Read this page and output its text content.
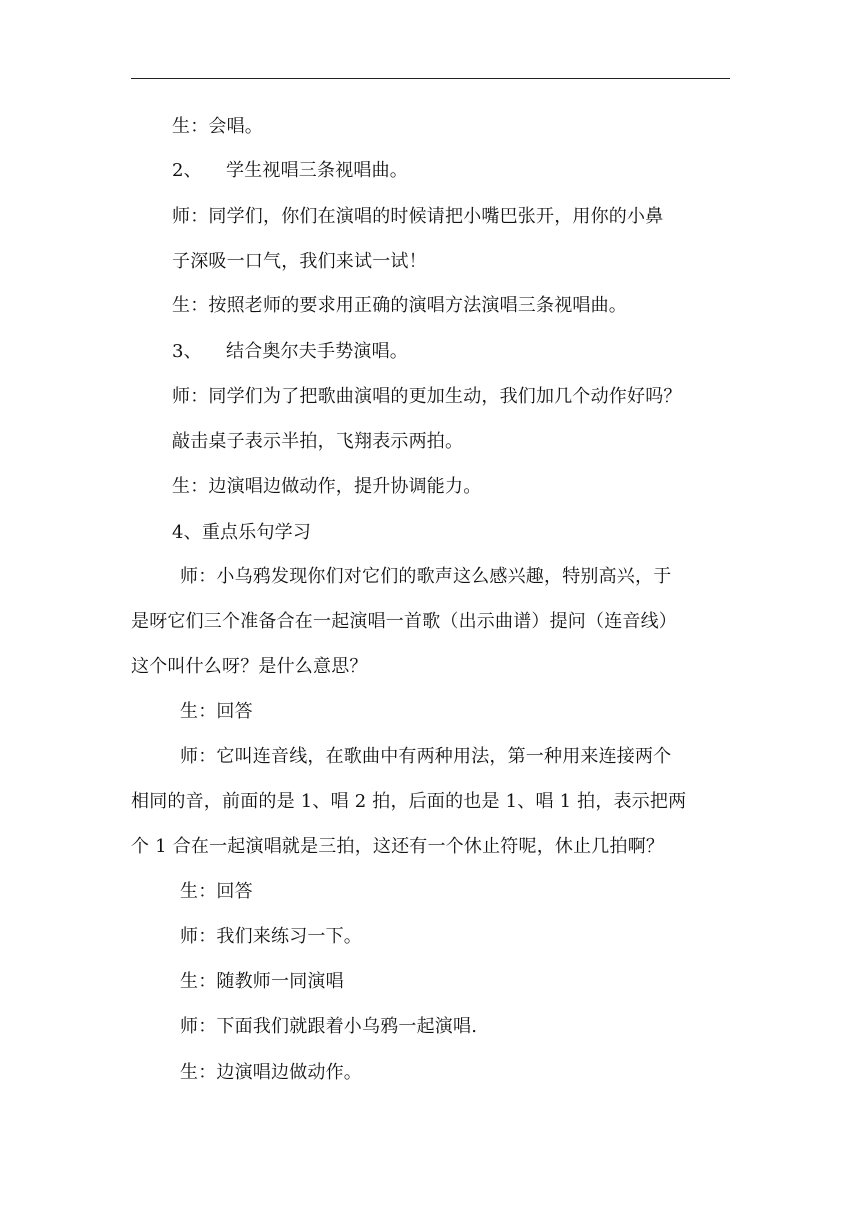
生：会唱。
2、 学生视唱三条视唱曲。
师：同学们，你们在演唱的时候请把小嘴巴张开，用你的小鼻
子深吸一口气，我们来试一试！
生：按照老师的要求用正确的演唱方法演唱三条视唱曲。
3、 结合奥尔夫手势演唱。
师：同学们为了把歌曲演唱的更加生动，我们加几个动作好吗？
敲击桌子表示半拍，飞翔表示两拍。
生：边演唱边做动作，提升协调能力。
4、重点乐句学习
师：小乌鸦发现你们对它们的歌声这么感兴趣，特别高兴，于
是呀它们三个准备合在一起演唱一首歌（出示曲谱）提问（连音线）
这个叫什么呀？是什么意思？
生：回答
师：它叫连音线，在歌曲中有两种用法，第一种用来连接两个
相同的音，前面的是 1、唱 2 拍，后面的也是 1、唱 1 拍，表示把两
个 1 合在一起演唱就是三拍，这还有一个休止符呢，休止几拍啊？
生：回答
师：我们来练习一下。
生：随教师一同演唱
师：下面我们就跟着小乌鸦一起演唱.
生：边演唱边做动作。
